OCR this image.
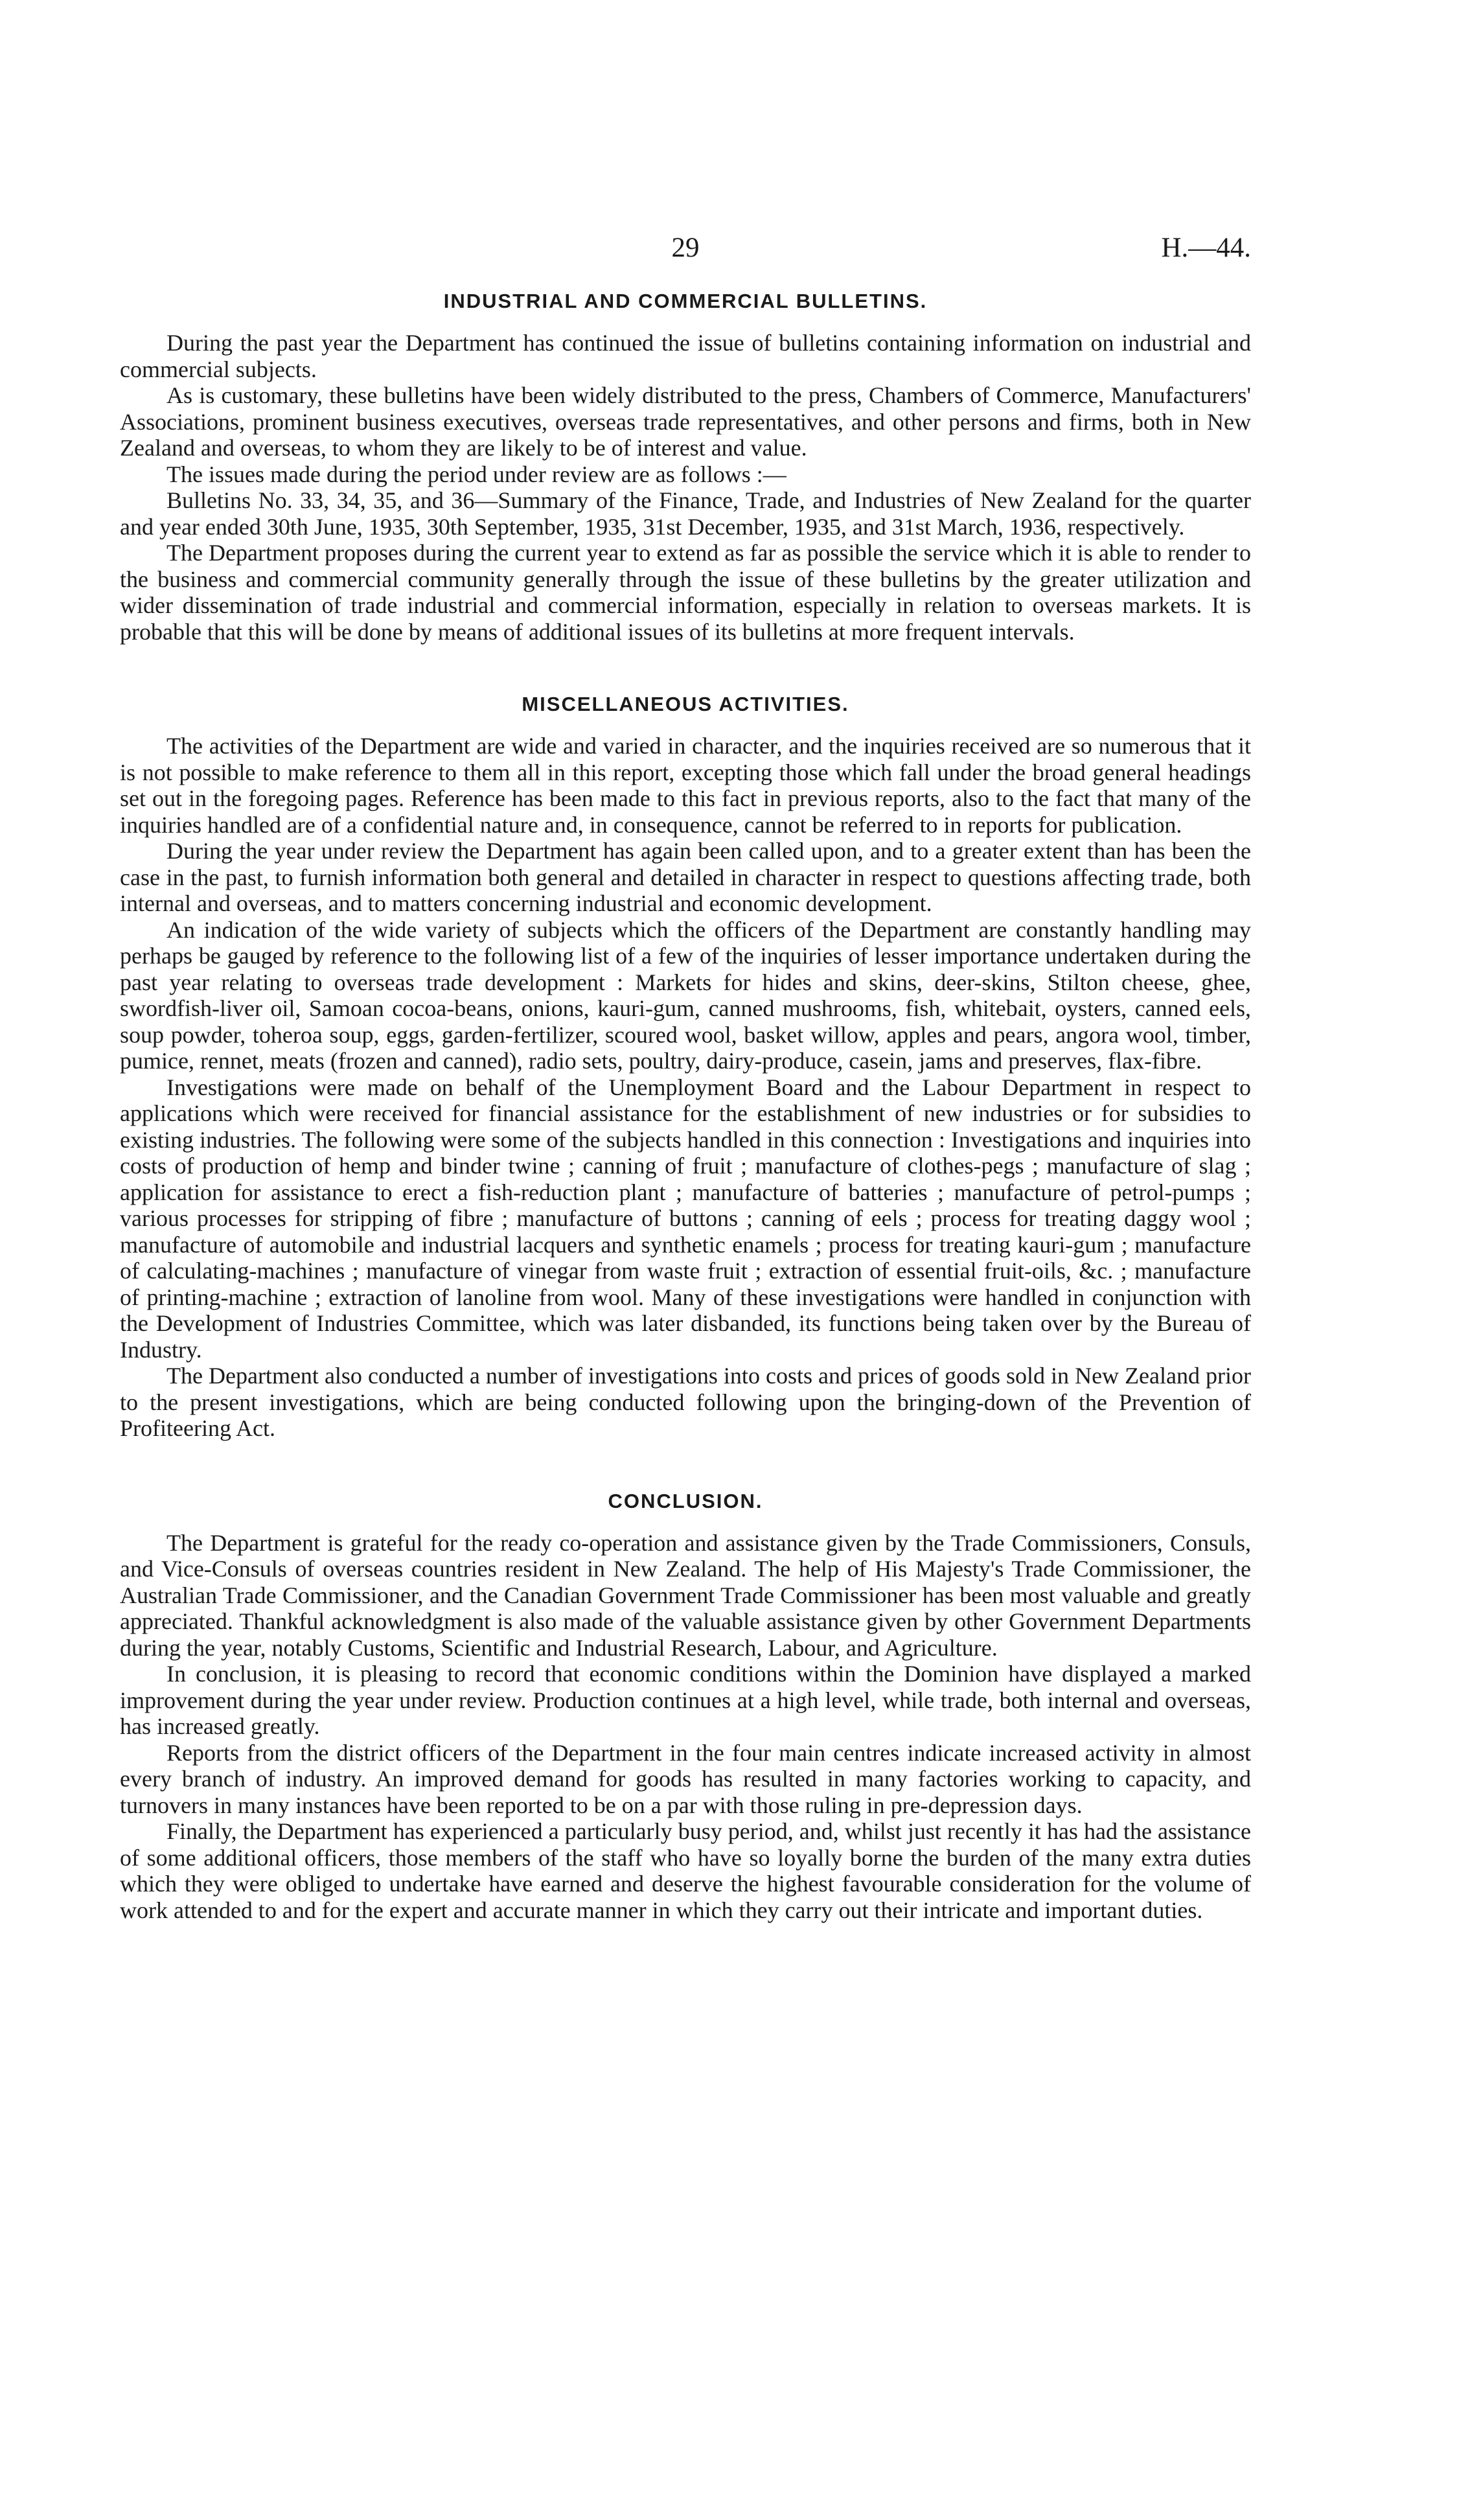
29	H.—44.
INDUSTRIAL AND COMMERCIAL BULLETINS.

During the past year the Department has continued the issue of bulletins containing information on industrial and commercial subjects.

As is customary, these bulletins have been widely distributed to the press, Chambers of Commerce, Manufacturers' Associations, prominent business executives, overseas trade representatives, and other persons and firms, both in New Zealand and overseas, to whom they are likely to be of interest and value.

The issues made during the period under review are as follows :—

Bulletins No. 33, 34, 35, and 36—Summary of the Finance, Trade, and Industries of New Zealand for the quarter and year ended 30th June, 1935, 30th September, 1935, 31st December, 1935, and 31st March, 1936, respectively.

The Department proposes during the current year to extend as far as possible the service which it is able to render to the business and commercial community generally through the issue of these bulletins by the greater utilization and wider dissemination of trade industrial and commercial information, especially in relation to overseas markets. It is probable that this will be done by means of additional issues of its bulletins at more frequent intervals.

MISCELLANEOUS ACTIVITIES.

The activities of the Department are wide and varied in character, and the inquiries received are so numerous that it is not possible to make reference to them all in this report, excepting those which fall under the broad general headings set out in the foregoing pages. Reference has been made to this fact in previous reports, also to the fact that many of the inquiries handled are of a confidential nature and, in consequence, cannot be referred to in reports for publication.

During the year under review the Department has again been called upon, and to a greater extent than has been the case in the past, to furnish information both general and detailed in character in respect to questions affecting trade, both internal and overseas, and to matters concerning industrial and economic development.

An indication of the wide variety of subjects which the officers of the Department are constantly handling may perhaps be gauged by reference to the following list of a few of the inquiries of lesser importance undertaken during the past year relating to overseas trade development : Markets for hides and skins, deer-skins, Stilton cheese, ghee, swordfish-liver oil, Samoan cocoa-beans, onions, kauri-gum, canned mushrooms, fish, whitebait, oysters, canned eels, soup powder, toheroa soup, eggs, garden-fertilizer, scoured wool, basket willow, apples and pears, angora wool, timber, pumice, rennet, meats (frozen and canned), radio sets, poultry, dairy-produce, casein, jams and preserves, flax-fibre.

Investigations were made on behalf of the Unemployment Board and the Labour Department in respect to applications which were received for financial assistance for the establishment of new industries or for subsidies to existing industries. The following were some of the subjects handled in this connection : Investigations and inquiries into costs of production of hemp and binder twine ; canning of fruit ; manufacture of clothes-pegs ; manufacture of slag ; application for assistance to erect a fish-reduction plant ; manufacture of batteries ; manufacture of petrol-pumps ; various processes for stripping of fibre ; manufacture of buttons ; canning of eels ; process for treating daggy wool ; manufacture of automobile and industrial lacquers and synthetic enamels ; process for treating kauri-gum ; manufacture of calculating-machines ; manufacture of vinegar from waste fruit ; extraction of essential fruit-oils, &c. ; manufacture of printing-machine ; extraction of lanoline from wool. Many of these investigations were handled in conjunction with the Development of Industries Committee, which was later disbanded, its functions being taken over by the Bureau of Industry.

The Department also conducted a number of investigations into costs and prices of goods sold in New Zealand prior to the present investigations, which are being conducted following upon the bringing-down of the Prevention of Profiteering Act.

CONCLUSION.

The Department is grateful for the ready co-operation and assistance given by the Trade Commissioners, Consuls, and Vice-Consuls of overseas countries resident in New Zealand. The help of His Majesty's Trade Commissioner, the Australian Trade Commissioner, and the Canadian Government Trade Commissioner has been most valuable and greatly appreciated. Thankful acknowledgment is also made of the valuable assistance given by other Government Departments during the year, notably Customs, Scientific and Industrial Research, Labour, and Agriculture.

In conclusion, it is pleasing to record that economic conditions within the Dominion have displayed a marked improvement during the year under review. Production continues at a high level, while trade, both internal and overseas, has increased greatly.

Reports from the district officers of the Department in the four main centres indicate increased activity in almost every branch of industry. An improved demand for goods has resulted in many factories working to capacity, and turnovers in many instances have been reported to be on a par with those ruling in pre-depression days.

Finally, the Department has experienced a particularly busy period, and, whilst just recently it has had the assistance of some additional officers, those members of the staff who have so loyally borne the burden of the many extra duties which they were obliged to undertake have earned and deserve the highest favourable consideration for the volume of work attended to and for the expert and accurate manner in which they carry out their intricate and important duties.
